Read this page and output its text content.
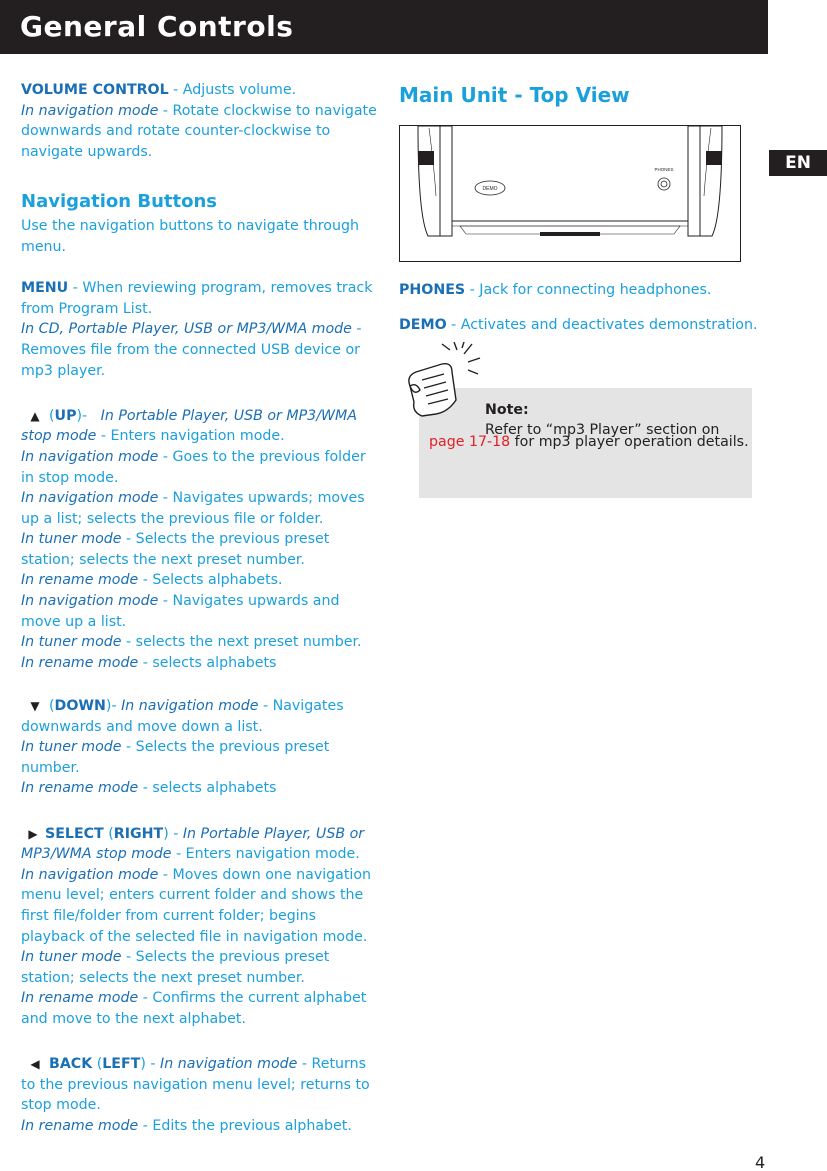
General Controls
EN

VOLUME CONTROL - Adjusts volume.
In navigation mode - Rotate clockwise to navigate downwards and rotate counter-clockwise to navigate upwards.

Navigation Buttons

Use the navigation buttons to navigate through menu.

MENU - When reviewing program, removes track from Program List.
In CD, Portable Player, USB or MP3/WMA mode - Removes file from the connected USB device or mp3 player.

▲ (UP)- In Portable Player, USB or MP3/WMA stop mode - Enters navigation mode.
In navigation mode - Goes to the previous folder in stop mode.
In navigation mode - Navigates upwards; moves up a list; selects the previous file or folder.
In tuner mode - Selects the previous preset station; selects the next preset number.
In rename mode - Selects alphabets.
In navigation mode - Navigates upwards and move up a list.
In tuner mode - selects the next preset number.
In rename mode - selects alphabets

▼ (DOWN)- In navigation mode - Navigates downwards and move down a list.
In tuner mode - Selects the previous preset number.
In rename mode - selects alphabets

▶ SELECT (RIGHT) - In Portable Player, USB or MP3/WMA stop mode - Enters navigation mode.
In navigation mode - Moves down one navigation menu level; enters current folder and shows the first file/folder from current folder; begins playback of the selected file in navigation mode.
In tuner mode - Selects the previous preset station; selects the next preset number.
In rename mode - Confirms the current alphabet and move to the next alphabet.

◀ BACK (LEFT) - In navigation mode - Returns to the previous navigation menu level; returns to stop mode.
In rename mode - Edits the previous alphabet.

Main Unit - Top View
DEMO
PHONES
PHONES - Jack for connecting headphones.
DEMO - Activates and deactivates demonstration.
Note:
Refer to “mp3 Player” section on
page 17-18 for mp3 player operation details.
4
